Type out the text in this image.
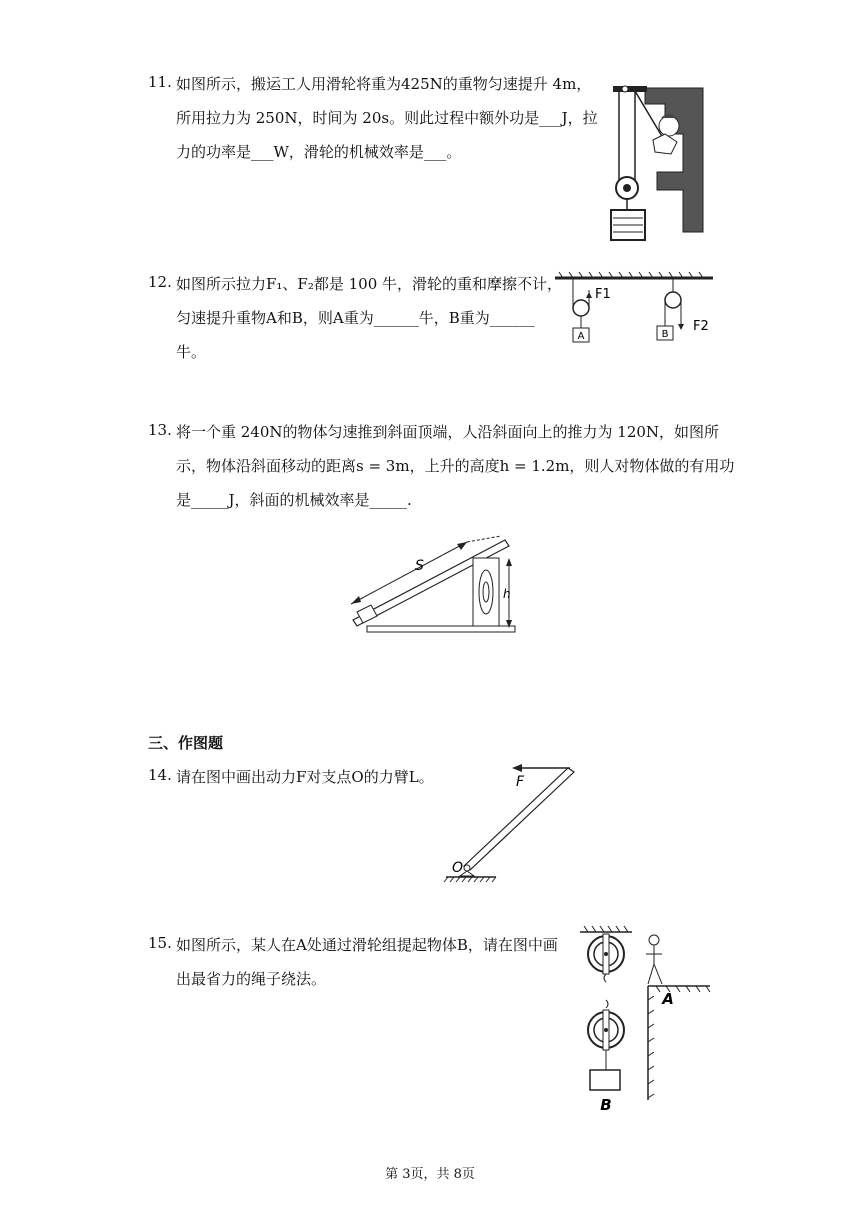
11. 如图所示，搬运工人用滑轮将重为425N的重物匀速提升 4m，
所用拉力为 250N，时间为 20s。则此过程中额外功是___J，拉
力的功率是___W，滑轮的机械效率是___。
12. 如图所示拉力F₁、F₂都是 100 牛，滑轮的重和摩擦不计，
匀速提升重物A和B，则A重为______牛，B重为______
牛。
A
F1
B
F2
13. 将一个重 240N的物体匀速推到斜面顶端，人沿斜面向上的推力为 120N，如图所
示，物体沿斜面移动的距离s = 3m，上升的高度h = 1.2m，则人对物体做的有用功
是_____J，斜面的机械效率是_____.
S
h
三、作图题
14. 请在图中画出动力F对支点O的力臂L。	F
O
15. 如图所示，某人在A处通过滑轮组提起物体B，请在图中画
出最省力的绳子绕法。
B
A
第 3页，共 8页
